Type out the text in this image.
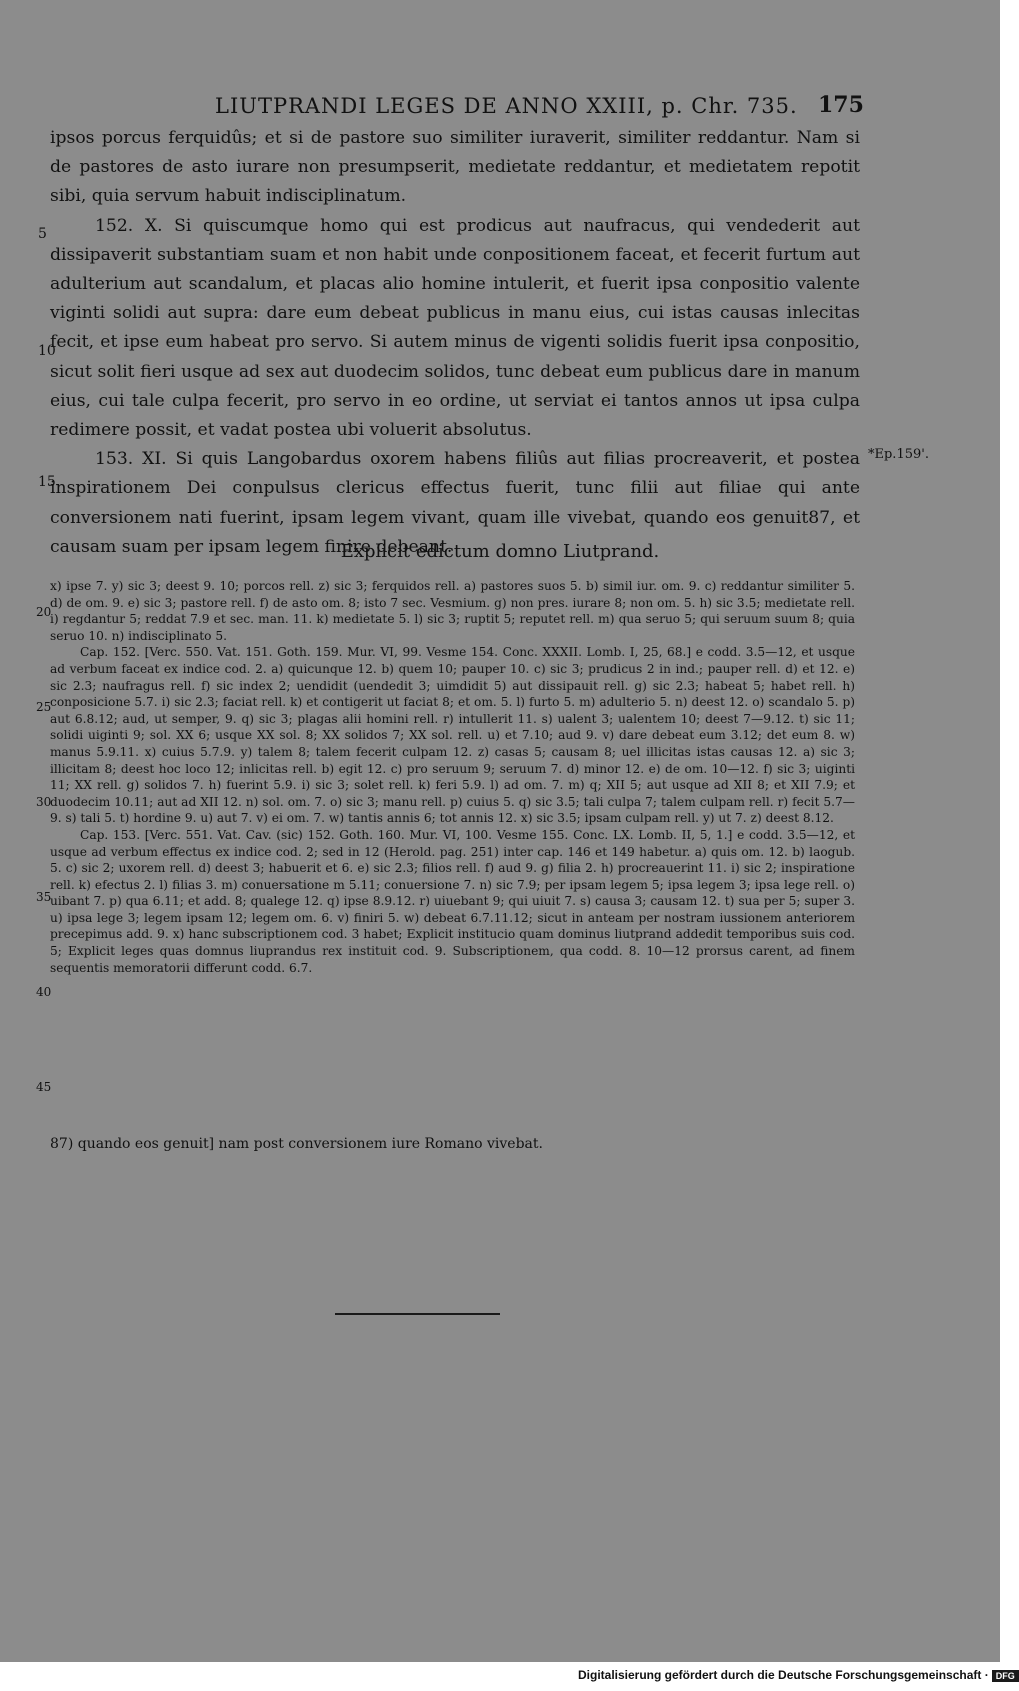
LIUTPRANDI LEGES DE ANNO XXIII, p. Chr. 735. 175

ipsos porcus ferquidûs; et si de pastore suo similiter iuraverit, similiter reddantur. Nam si de pastores de asto iurare non presumpserit, medietate reddantur, et medietatem repotit sibi, quia servum habuit indisciplinatum.

152. X. Si quiscumque homo qui est prodicus aut naufracus, qui vendederit aut dissipaverit substantiam suam et non habit unde conpositionem faceat, et fecerit furtum aut adulterium aut scandalum, et placas alio homine intulerit, et fuerit ipsa conpositio valente viginti solidi aut supra: dare eum debeat publicus in manu eius, cui istas causas inlecitas fecit, et ipse eum habeat pro servo. Si autem minus de vigenti solidis fuerit ipsa conpositio, sicut solit fieri usque ad sex aut duodecim solidos, tunc debeat eum publicus dare in manum eius, cui tale culpa fecerit, pro servo in eo ordine, ut serviat ei tantos annos ut ipsa culpa redimere possit, et vadat postea ubi voluerit absolutus.

153. XI. Si quis Langobardus oxorem habens filiûs aut filias procreaverit, et postea inspirationem Dei conpulsus clericus effectus fuerit, tunc filii aut filiae qui ante conversionem nati fuerint, ipsam legem vivant, quam ille vivebat, quando eos genuit87, et causam suam per ipsam legem finire debeant.

5
10
15
*Ep.159'.
Explicit edictum domno Liutprand.

x) ipse 7. y) sic 3; deest 9. 10; porcos rell. z) sic 3; ferquidos rell. a) pastores suos 5. b) simil iur. om. 9. c) reddantur similiter 5. d) de om. 9. e) sic 3; pastore rell. f) de asto om. 8; isto 7 sec. Vesmium. g) non pres. iurare 8; non om. 5. h) sic 3.5; medietate rell. i) regdantur 5; reddat 7.9 et sec. man. 11. k) medietate 5. l) sic 3; ruptit 5; reputet rell. m) qua seruo 5; qui seruum suum 8; quia seruo 10. n) indisciplinato 5.

Cap. 152. [Verc. 550. Vat. 151. Goth. 159. Mur. VI, 99. Vesme 154. Conc. XXXII. Lomb. I, 25, 68.] e codd. 3.5—12, et usque ad verbum faceat ex indice cod. 2. a) quicunque 12. b) quem 10; pauper 10. c) sic 3; prudicus 2 in ind.; pauper rell. d) et 12. e) sic 2.3; naufragus rell. f) sic index 2; uendidit (uendedit 3; uimdidit 5) aut dissipauit rell. g) sic 2.3; habeat 5; habet rell. h) conposicione 5.7. i) sic 2.3; faciat rell. k) et contigerit ut faciat 8; et om. 5. l) furto 5. m) adulterio 5. n) deest 12. o) scandalo 5. p) aut 6.8.12; aud, ut semper, 9. q) sic 3; plagas alii homini rell. r) intullerit 11. s) ualent 3; ualentem 10; deest 7—9.12. t) sic 11; solidi uiginti 9; sol. XX 6; usque XX sol. 8; XX solidos 7; XX sol. rell. u) et 7.10; aud 9. v) dare debeat eum 3.12; det eum 8. w) manus 5.9.11. x) cuius 5.7.9. y) talem 8; talem fecerit culpam 12. z) casas 5; causam 8; uel illicitas istas causas 12. a) sic 3; illicitam 8; deest hoc loco 12; inlicitas rell. b) egit 12. c) pro seruum 9; seruum 7. d) minor 12. e) de om. 10—12. f) sic 3; uiginti 11; XX rell. g) solidos 7. h) fuerint 5.9. i) sic 3; solet rell. k) feri 5.9. l) ad om. 7. m) q; XII 5; aut usque ad XII 8; et XII 7.9; et duodecim 10.11; aut ad XII 12. n) sol. om. 7. o) sic 3; manu rell. p) cuius 5. q) sic 3.5; tali culpa 7; talem culpam rell. r) fecit 5.7—9. s) tali 5. t) hordine 9. u) aut 7. v) ei om. 7. w) tantis annis 6; tot annis 12. x) sic 3.5; ipsam culpam rell. y) ut 7. z) deest 8.12.

Cap. 153. [Verc. 551. Vat. Cav. (sic) 152. Goth. 160. Mur. VI, 100. Vesme 155. Conc. LX. Lomb. II, 5, 1.] e codd. 3.5—12, et usque ad verbum effectus ex indice cod. 2; sed in 12 (Herold. pag. 251) inter cap. 146 et 149 habetur. a) quis om. 12. b) laogub. 5. c) sic 2; uxorem rell. d) deest 3; habuerit et 6. e) sic 2.3; filios rell. f) aud 9. g) filia 2. h) procreauerint 11. i) sic 2; inspiratione rell. k) efectus 2. l) filias 3. m) conuersatione m 5.11; conuersione 7. n) sic 7.9; per ipsam legem 5; ipsa legem 3; ipsa lege rell. o) uibant 7. p) qua 6.11; et add. 8; qualege 12. q) ipse 8.9.12. r) uiuebant 9; qui uiuit 7. s) causa 3; causam 12. t) sua per 5; super 3. u) ipsa lege 3; legem ipsam 12; legem om. 6. v) finiri 5. w) debeat 6.7.11.12; sicut in anteam per nostram iussionem anteriorem precepimus add. 9. x) hanc subscriptionem cod. 3 habet; Explicit institucio quam dominus liutprand addedit temporibus suis cod. 5; Explicit leges quas domnus liuprandus rex instituit cod. 9. Subscriptionem, qua codd. 8. 10—12 prorsus carent, ad finem sequentis memoratorii differunt codd. 6.7.

20
25
30
35
40
45
87) quando eos genuit] nam post conversionem iure Romano vivebat.
Digitalisierung gefördert durch die Deutsche Forschungsgemeinschaft · DFG
